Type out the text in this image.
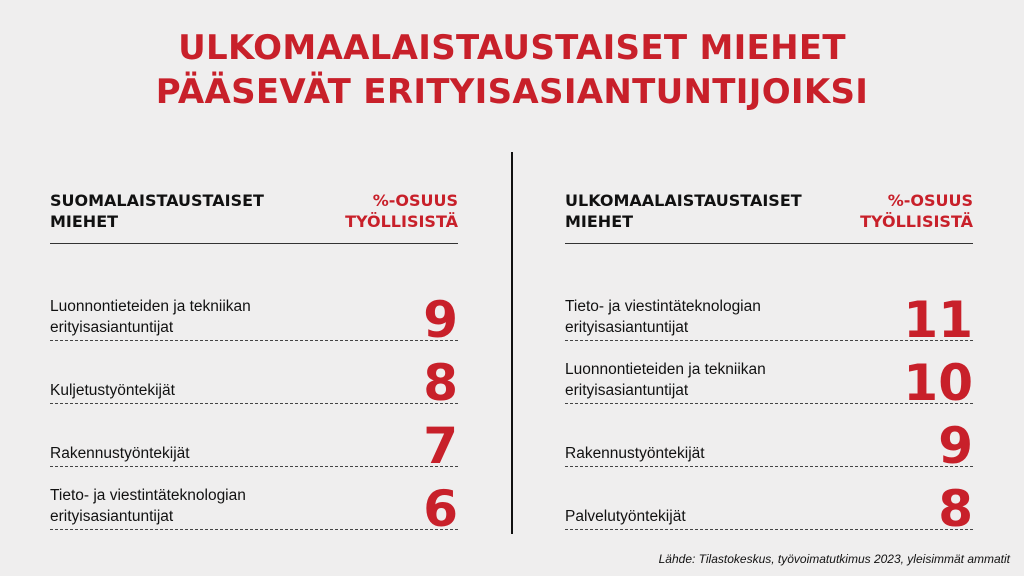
ULKOMAALAISTAUSTAISET MIEHET
PÄÄSEVÄT ERITYISASIANTUNTIJOIKSI
SUOMALAISTAUSTAISET
MIEHET
%-OSUUS
TYÖLLISISTÄ
Luonnontieteiden ja tekniikan erityisasiantuntijat	9
Kuljetustyöntekijät	8
Rakennustyöntekijät	7
Tieto- ja viestintäteknologian erityisasiantuntijat	6
ULKOMAALAISTAUSTAISET
MIEHET
%-OSUUS
TYÖLLISISTÄ
Tieto- ja viestintäteknologian erityisasiantuntijat	11
Luonnontieteiden ja tekniikan erityisasiantuntijat	10
Rakennustyöntekijät	9
Palvelutyöntekijät	8
Lähde: Tilastokeskus, työvoimatutkimus 2023, yleisimmät ammatit
